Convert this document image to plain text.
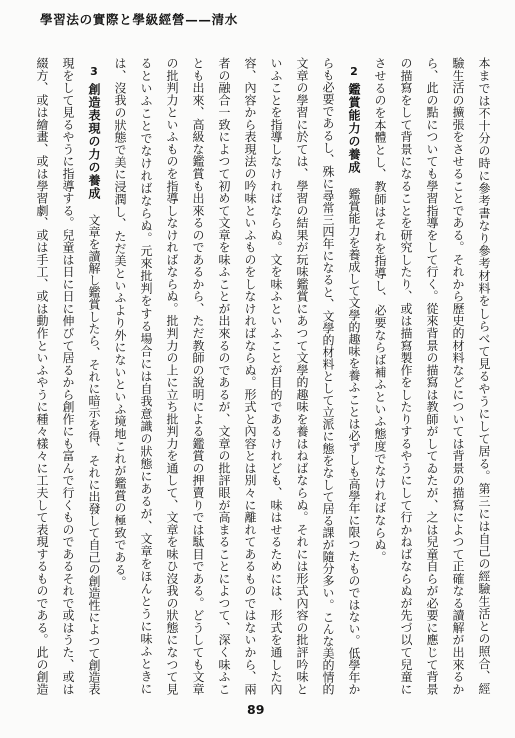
學習法の實際と學級經營——清水
本までは不十分の時に參考書なり參考材料をしらべて見るやうにして居る。第三には自己の經驗生活との照合、經
驗生活の擴張をさせることである。それから歷史的材料などについては背景の描寫によつて正確なる讀解が出來るか
ら、此の點についても學習指導をして行く。從來背景の描寫は教師がしてゐたが、之は兒童自らが必要に應じて背景
の描寫をして背景になることを研究したり、或は描寫製作をしたりするやうにして行かねばならぬが先づ以て兒童に
させるのを本體とし、教師はそれを指導し、必要ならば補ふといふ態度でなければならぬ。
2
鑑賞能力の養成
鑑賞能力を養成して文學的趣味を養ふことは必ずしも高學年に限つたものではない。低學年か
らも必要であるし、殊に尋常三四年になると、文學的材料として立派に態をなして居る課が隨分多い。こんな美的情的
文章の學習に於ては、學習の結果が玩味鑑賞にあつて文學的趣味を養はねばならぬ。それには形式內容の批評吟味と
いふことを指導しなければならぬ。文を味ふといふことが目的であるけれども、味はせるためには、形式を通した內
容、內容から表現法の吟味といふものをしなければならぬ。形式と內容とは別々に離れてあるものではないから、兩
者の融合一致によつて初めて文章を味ふことが出來るのであるが、文章の批評眼が高まることによつて、深く味ふこ
とも出來、高級な鑑賞も出來るのであるから、ただ教師の說明による鑑賞の押賣りでは駄目である。どうしても文章
の批判力といふものを指導しなければならぬ。批判力の上に立ち批判力を通して、文章を味ひ沒我の狀態になつて見
るといふことでなければならぬ。元來批判をする場合には自我意識の狀態にあるが、文章をほんとうに味ふときに
は、沒我の狀態で美に浸潤し、ただ美といふより外にないといふ境地これが鑑賞の極致である。
3
創造表現の力の養成
文章を讀解し鑑賞したら、それに暗示を得、それに出發して自己の創造性によつて創造表
現をして見るやうに指導する。兒童は日に日に伸びて居るから創作にも富んで行くものであるそれで或はうた、或は
綴方、或は繪畫、或は學習劇、或は手工、或は動作といふやうに種々樣々に工夫して表現するものである。此の創造
89
